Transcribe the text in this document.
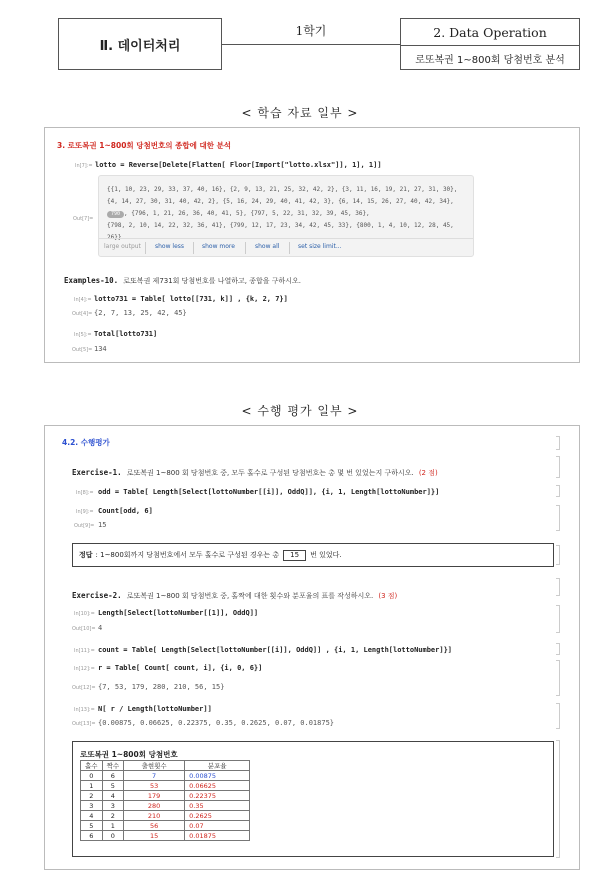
Ⅱ. 데이터처리
1학기	2. Data Operation
로또복권 1~800회 당첨번호 분석
< 학습 자료 일부 >
3. 로또복권 1~800회 당첨번호의 종합에 대한 분석
In[7]:= lotto = Reverse[Delete[Flatten[ Floor[Import["lotto.xlsx"]], 1], 1]]
Out[7]=
{{1, 10, 23, 29, 33, 37, 40, 16}, {2, 9, 13, 21, 25, 32, 42, 2}, {3, 11, 16, 19, 21, 27, 31, 30},
{4, 14, 27, 30, 31, 40, 42, 2}, {5, 16, 24, 29, 40, 41, 42, 3}, {6, 14, 15, 26, 27, 40, 42, 34},
790 , {796, 1, 21, 26, 36, 40, 41, 5}, {797, 5, 22, 31, 32, 39, 45, 36},
{798, 2, 10, 14, 22, 32, 36, 41}, {799, 12, 17, 23, 34, 42, 45, 33}, {800, 1, 4, 10, 12, 28, 45, 26}}
large output show less	show more	show all	set size limit...
Examples-10. 로또복권 제731회 당첨번호를 나열하고, 종합을 구하시오.
In[4]:= lotto731 = Table[ lotto[[731, k]] , {k, 2, 7}]
Out[4]= {2, 7, 13, 25, 42, 45}
In[5]:= Total[lotto731]
Out[5]= 134
< 수행 평가 일부 >
4.2. 수행평가
Exercise-1. 로또복권 1~800 회 당첨번호 중, 모두 홀수로 구성된 당첨번호는 총 몇 번 있었는지 구하시오. (2 점)
In[8]:= odd = Table[ Length[Select[lottoNumber[[i]], OddQ]], {i, 1, Length[lottoNumber]}]
In[9]:= Count[odd, 6]
Out[9]= 15
정답 : 1~800회까지 당첨번호에서 모두 홀수로 구성된 경우는 총	15	번 있었다.
Exercise-2. 로또복권 1~800 회 당첨번호 중, 홀짝에 대한 횟수와 분포율의 표를 작성하시오. (3 점)
In[10]:= Length[Select[lottoNumber[[1]], OddQ]]
Out[10]= 4
In[11]:= count = Table[ Length[Select[lottoNumber[[i]], OddQ]] , {i, 1, Length[lottoNumber]}]
In[12]:= r = Table[ Count[ count, i], {i, 0, 6}]
Out[12]= {7, 53, 179, 280, 210, 56, 15}
In[13]:= N[ r / Length[lottoNumber]]
Out[13]= {0.00875, 0.06625, 0.22375, 0.35, 0.2625, 0.07, 0.01875}
로또복권 1~800회 당첨번호
홀수	짝수	출현횟수	분포율
0	6	7	0.00875
1	5	53	0.06625
2	4	179	0.22375
3	3	280	0.35
4	2	210	0.2625
5	1	56	0.07
6	0	15	0.01875
